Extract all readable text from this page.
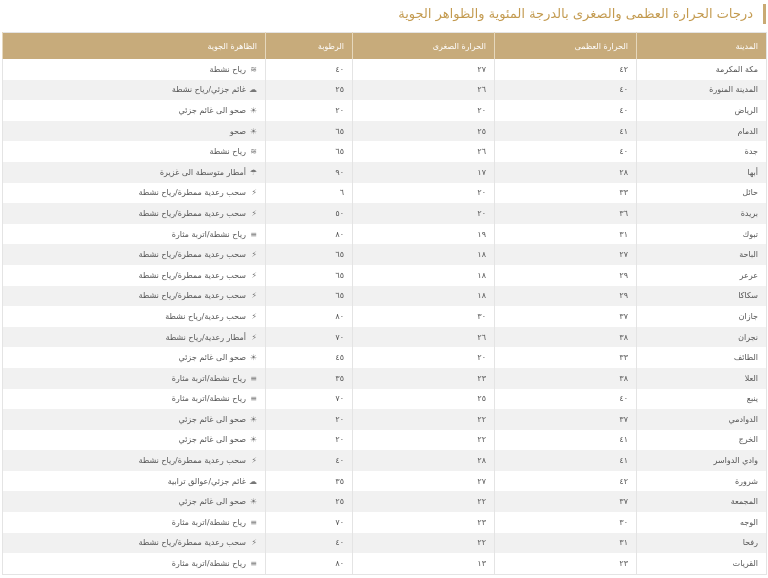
درجات الحرارة العظمى والصغرى بالدرجة المئوية والظواهر الجوية
المدينة	الحرارة العظمى	الحرارة الصغرى	الرطوبة	الظاهرة الجوية
مكة المكرمة	٤٢	٢٧	٤٠	≋رياح نشطة
المدينة المنورة	٤٠	٢٦	٢٥	☁غائم جزئي/رياح نشطة
الرياض	٤٠	٢٠	٢٠	☀صحو الى غائم جزئي
الدمام	٤١	٢٥	٦٥	☀صحو
جدة	٤٠	٢٦	٦٥	≋رياح نشطة
أبها	٢٨	١٧	٩٠	☂أمطار متوسطة الى غزيرة
حائل	٣٣	٢٠	٦	⚡سحب رعدية ممطرة/رياح نشطة
بريدة	٣٦	٢٠	٥٠	⚡سحب رعدية ممطرة/رياح نشطة
تبوك	٣١	١٩	٨٠	≡رياح نشطة/اتربة مثارة
الباحة	٢٧	١٨	٦٥	⚡سحب رعدية ممطرة/رياح نشطة
عرعر	٢٩	١٨	٦٥	⚡سحب رعدية ممطرة/رياح نشطة
سكاكا	٢٩	١٨	٦٥	⚡سحب رعدية ممطرة/رياح نشطة
جازان	٣٧	٣٠	٨٠	⚡سحب رعدية/رياح نشطة
نجران	٣٨	٢٦	٧٠	⚡أمطار رعدية/رياح نشطة
الطائف	٣٣	٢٠	٤٥	☀صحو الى غائم جزئي
العلا	٣٨	٢٣	٣٥	≡رياح نشطة/اتربة مثارة
ينبع	٤٠	٢٥	٧٠	≡رياح نشطة/اتربة مثارة
الدوادمي	٣٧	٢٢	٢٠	☀صحو الى غائم جزئي
الخرج	٤١	٢٢	٢٠	☀صحو الى غائم جزئي
وادي الدواسر	٤١	٢٨	٤٠	⚡سحب رعدية ممطرة/رياح نشطة
شرورة	٤٢	٢٧	٣٥	☁غائم جزئي/عوالق ترابية
المجمعة	٣٧	٢٢	٢٥	☀صحو الى غائم جزئي
الوجه	٣٠	٢٣	٧٠	≡رياح نشطة/اتربة مثارة
رفحا	٣١	٢٢	٤٠	⚡سحب رعدية ممطرة/رياح نشطة
القريات	٢٣	١٣	٨٠	≡رياح نشطة/اتربة مثارة
